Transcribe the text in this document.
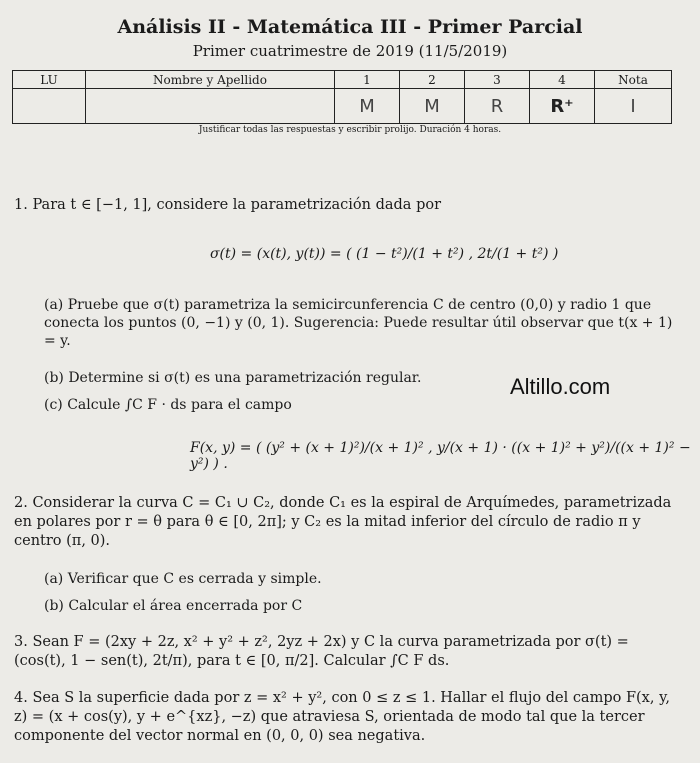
Análisis II - Matemática III - Primer Parcial
Primer cuatrimestre de 2019 (11/5/2019)
LU	Nombre y Apellido	1	2	3	4	Nota
		M	M	R	R⁺	I
Justificar todas las respuestas y escribir prolijo. Duración 4 horas.
1. Para t ∈ [−1, 1], considere la parametrización dada por
σ(t) = (x(t), y(t)) = ( (1 − t²)/(1 + t²) , 2t/(1 + t²) )
(a) Pruebe que σ(t) parametriza la semicircunferencia C de centro (0,0) y radio 1 que conecta los puntos (0, −1) y (0, 1). Sugerencia: Puede resultar útil observar que t(x + 1) = y.
(b) Determine si σ(t) es una parametrización regular.
(c) Calcule ∫C F · ds para el campo
F(x, y) = ( (y² + (x + 1)²)/(x + 1)² , y/(x + 1) · ((x + 1)² + y²)/((x + 1)² − y²) ) .
Altillo.com
2. Considerar la curva C = C₁ ∪ C₂, donde C₁ es la espiral de Arquímedes, parametrizada en polares por r = θ para θ ∈ [0, 2π]; y C₂ es la mitad inferior del círculo de radio π y centro (π, 0).
(a) Verificar que C es cerrada y simple.
(b) Calcular el área encerrada por C
3. Sean F = (2xy + 2z, x² + y² + z², 2yz + 2x) y C la curva parametrizada por σ(t) = (cos(t), 1 − sen(t), 2t/π), para t ∈ [0, π/2]. Calcular ∫C F ds.
4. Sea S la superficie dada por z = x² + y², con 0 ≤ z ≤ 1. Hallar el flujo del campo F(x, y, z) = (x + cos(y), y + e^{xz}, −z) que atraviesa S, orientada de modo tal que la tercer componente del vector normal en (0, 0, 0) sea negativa.
